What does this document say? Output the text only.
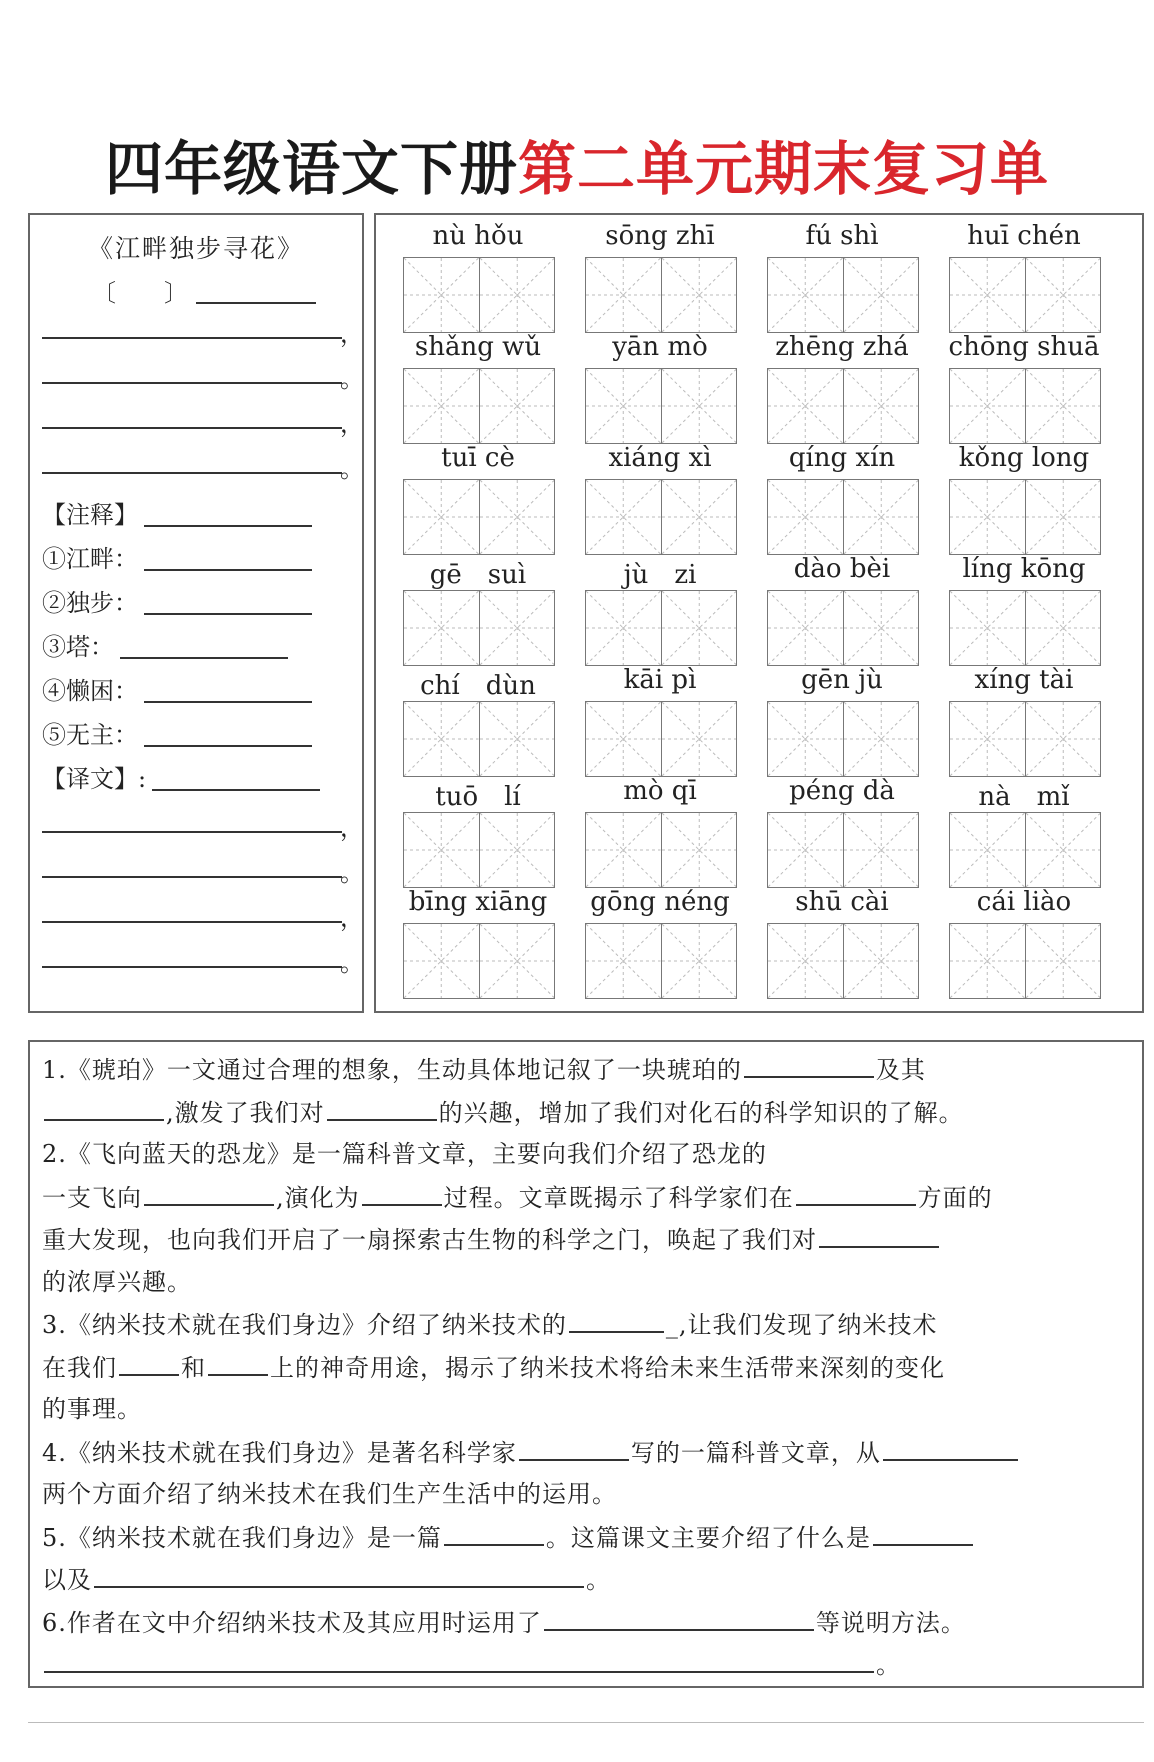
四年级语文下册第二单元期末复习单
《江畔独步寻花》
〔　　〕
，
。
，
。
【注释】
①江畔：
②独步：
③塔：
④懒困：
⑤无主：
【译文】:
，
。
，
。
nù hǒu	sōng zhī	fú shì	huī chén
shǎng wǔ	yān mò	zhēng zhá	chōng shuā
tuī cè	xiáng xì	qíng xín	kǒng long
gē　suì	jù　zi	dào bèi	líng kōng
chí　dùn	kāi pì	gēn jù	xíng tài
tuō　lí	mò qī	péng dà	nà　mǐ
bīng xiāng	gōng néng	shū cài	cái liào
1.《琥珀》一文通过合理的想象，生动具体地记叙了一块琥珀的	及其
,激发了我们对	的兴趣，增加了我们对化石的科学知识的了解。
2.《飞向蓝天的恐龙》是一篇科普文章，主要向我们介绍了恐龙的
一支飞向	,演化为	过程。文章既揭示了科学家们在	方面的
重大发现，也向我们开启了一扇探索古生物的科学之门，唤起了我们对
的浓厚兴趣。
3.《纳米技术就在我们身边》介绍了纳米技术的	_,让我们发现了纳米技术
在我们	和	上的神奇用途，揭示了纳米技术将给未来生活带来深刻的变化
的事理。
4.《纳米技术就在我们身边》是著名科学家	写的一篇科普文章，从
两个方面介绍了纳米技术在我们生产生活中的运用。
5.《纳米技术就在我们身边》是一篇	。这篇课文主要介绍了什么是
以及	。
6.作者在文中介绍纳米技术及其应用时运用了	等说明方法。
。
